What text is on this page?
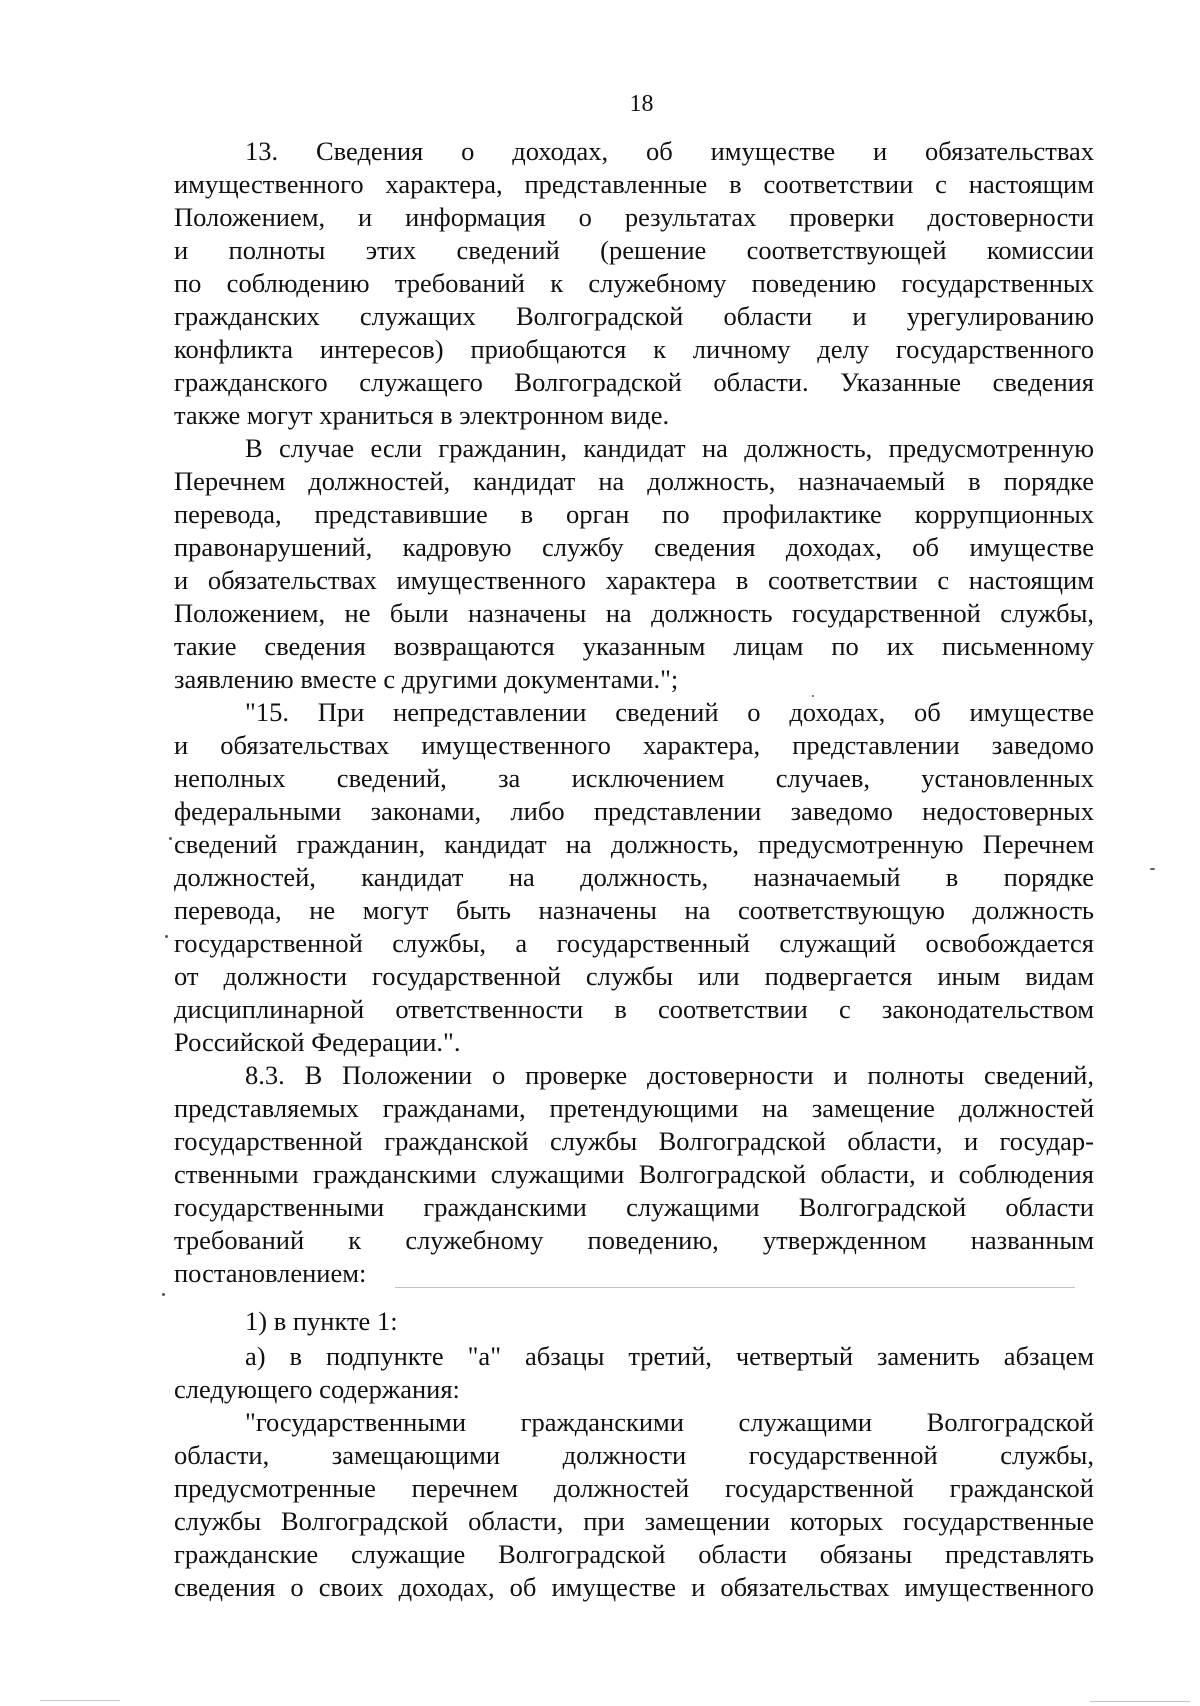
18
13. Сведения о доходах, об имуществе и обязательствах
имущественного характера, представленные в соответствии с настоящим
Положением, и информация о результатах проверки достоверности
и полноты этих сведений (решение соответствующей комиссии
по соблюдению требований к служебному поведению государственных
гражданских служащих Волгоградской области и урегулированию
конфликта интересов) приобщаются к личному делу государственного
гражданского служащего Волгоградской области. Указанные сведения
также могут храниться в электронном виде.
В случае если гражданин, кандидат на должность, предусмотренную
Перечнем должностей, кандидат на должность, назначаемый в порядке
перевода, представившие в орган по профилактике коррупционных
правонарушений, кадровую службу сведения доходах, об имуществе
и обязательствах имущественного характера в соответствии с настоящим
Положением, не были назначены на должность государственной службы,
такие сведения возвращаются указанным лицам по их письменному
заявлению вместе с другими документами.";
"15. При непредставлении сведений о доходах, об имуществе
и обязательствах имущественного характера, представлении заведомо
неполных сведений, за исключением случаев, установленных
федеральными законами, либо представлении заведомо недостоверных
сведений гражданин, кандидат на должность, предусмотренную Перечнем
должностей, кандидат на должность, назначаемый в порядке
перевода, не могут быть назначены на соответствующую должность
государственной службы, а государственный служащий освобождается
от должности государственной службы или подвергается иным видам
дисциплинарной ответственности в соответствии с законодательством
Российской Федерации.".
8.3. В Положении о проверке достоверности и полноты сведений,
представляемых гражданами, претендующими на замещение должностей
государственной гражданской службы Волгоградской области, и государ-
ственными гражданскими служащими Волгоградской области, и соблюдения
государственными гражданскими служащими Волгоградской области
требований к служебному поведению, утвержденном названным
постановлением:
1) в пункте 1:
а) в подпункте "а" абзацы третий, четвертый заменить абзацем
следующего содержания:
"государственными гражданскими служащими Волгоградской
области, замещающими должности государственной службы,
предусмотренные перечнем должностей государственной гражданской
службы Волгоградской области, при замещении которых государственные
гражданские служащие Волгоградской области обязаны представлять
сведения о своих доходах, об имуществе и обязательствах имущественного
